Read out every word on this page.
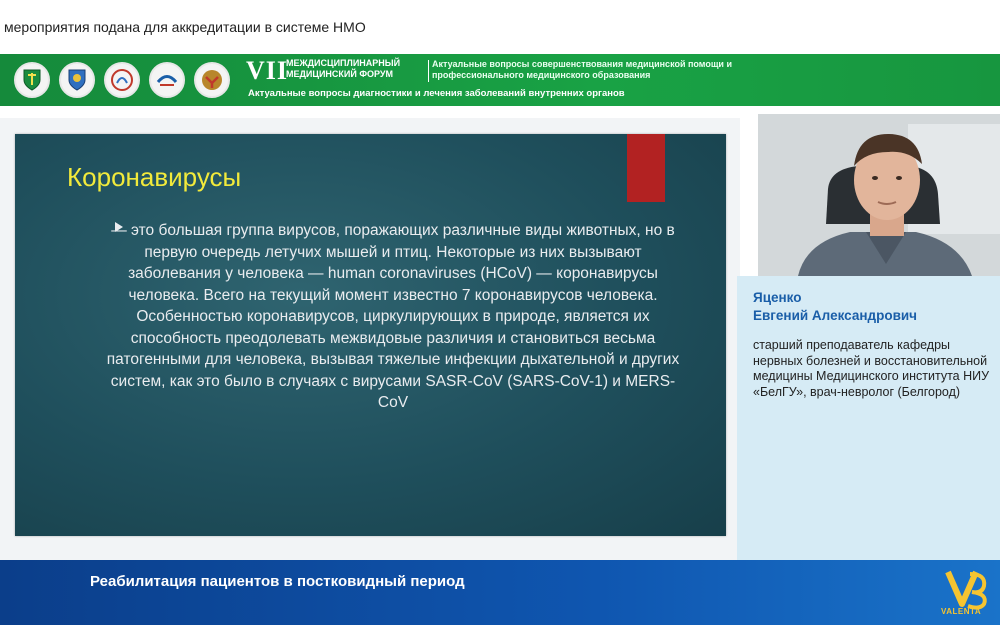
мероприятия подана для аккредитации в системе НМО
VII
МЕЖДИСЦИПЛИНАРНЫЙ МЕДИЦИНСКИЙ ФОРУМ
Актуальные вопросы совершенствования медицинской помощи и профессионального медицинского образования
Актуальные вопросы диагностики и лечения заболеваний внутренних органов
Коронавирусы
— это большая группа вирусов, поражающих различные виды животных, но в первую очередь летучих мышей и птиц. Некоторые из них вызывают заболевания у человека — human coronaviruses (HCoV) — коронавирусы человека. Всего на текущий момент известно 7 коронавирусов человека. Особенностью коронавирусов, циркулирующих в природе, является их способность преодолевать межвидовые различия и становиться весьма патогенными для человека, вызывая тяжелые инфекции дыхательной и других систем, как это было в случаях с вирусами SASR-CoV (SARS-CoV-1) и MERS-CoV
Яценко
Евгений Александрович
старший преподаватель кафедры нервных болезней и восстановительной медицины Медицинского института НИУ «БелГУ», врач-невролог (Белгород)
Реабилитация пациентов в постковидный период
VALENTA
